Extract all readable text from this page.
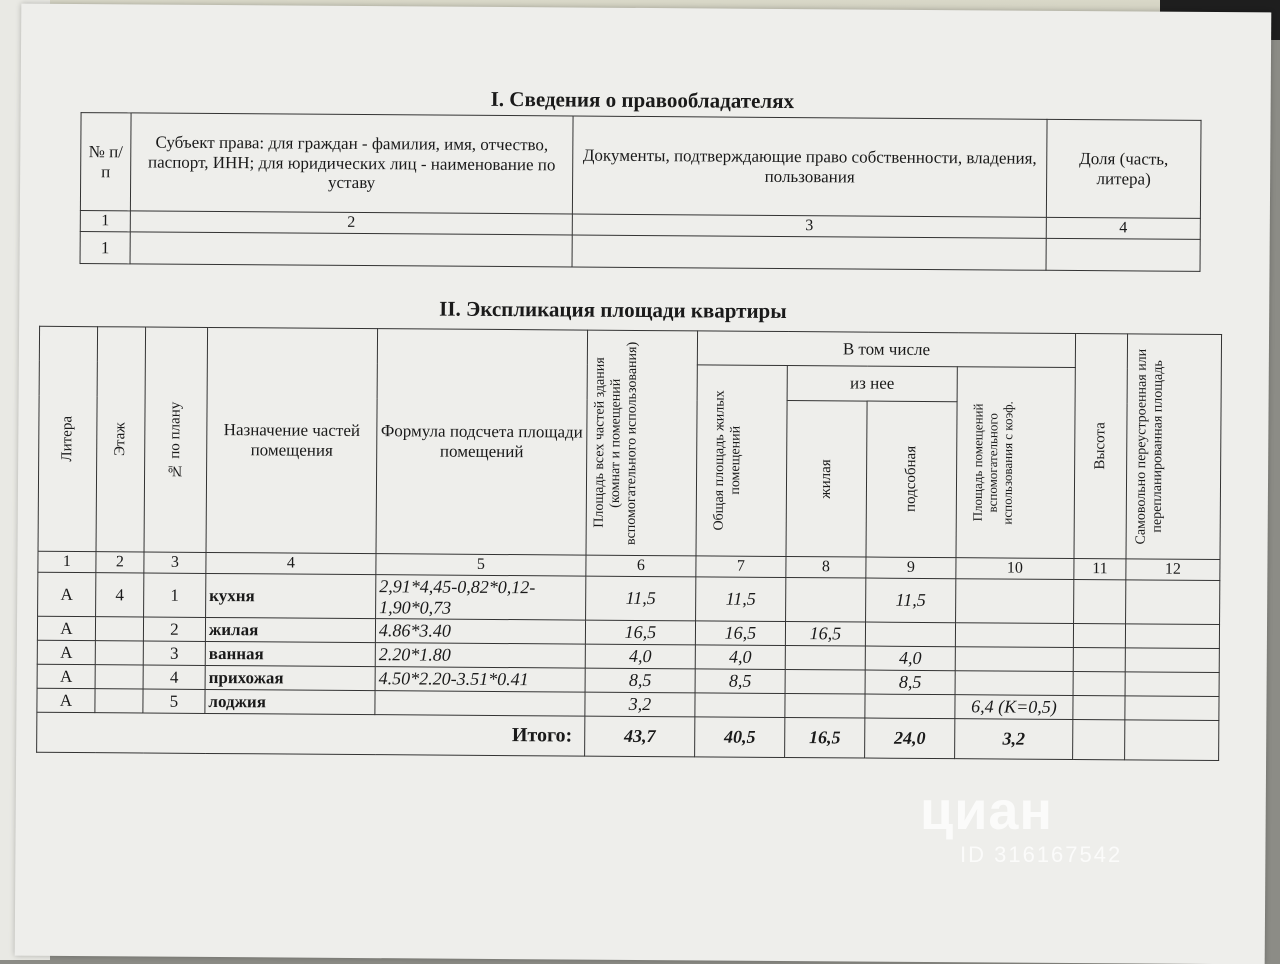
I. Сведения о правообладателях
№ п/п	Субъект права: для граждан - фамилия, имя, отчество, паспорт, ИНН; для юридических лиц - наименование по уставу	Документы, подтверждающие право собственности, владения, пользования	Доля (часть, литера)
1	2	3	4
1			
II. Экспликация площади квартиры
Литера	Этаж	№ по плану	Назначение частей помещения	Формула подсчета площади помещений	Площадь всех частей здания (комнат и помещений вспомогательного использования)	В том числе				Высота	Самовольно переустроенная или перепланированная площадь

						Общая площадь жилых помещений	из нее		Площадь помещений вспомогательного использования с коэф.		

							жилая	подсобная			

1	2	3	4	5	6	7	8	9	10	11	12
А	4	1	кухня	2,91*4,45-0,82*0,12-1,90*0,73	11,5	11,5		11,5			
А		2	жилая	4.86*3.40	16,5	16,5	16,5				
А		3	ванная	2.20*1.80	4,0	4,0		4,0			
А		4	прихожая	4.50*2.20-3.51*0.41	8,5	8,5		8,5			
А		5	лоджия		3,2				6,4 (K=0,5)		
Итого:					43,7	40,5	16,5	24,0	3,2		
циан
ID 316167542
